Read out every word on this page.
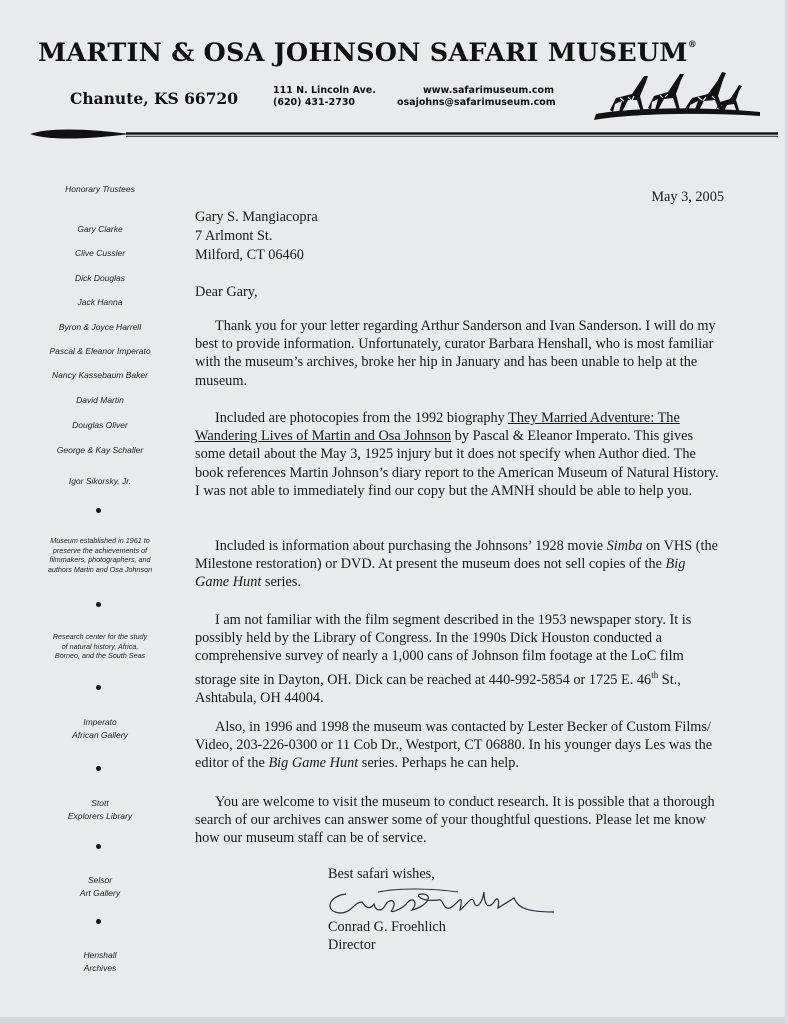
MARTIN & OSA JOHNSON SAFARI MUSEUM®
Chanute, KS 66720	111 N. Lincoln Ave.
(620) 431-2730
www.safarimuseum.com
osajohns@safarimuseum.com
Honorary Trustees
Gary Clarke
Clive Cussler
Dick Douglas
Jack Hanna
Byron & Joyce Harrell
Pascal & Eleanor Imperato
Nancy Kassebaum Baker
David Martin
Douglas Oliver
George & Kay Schaller
Igor Sikorsky, Jr.
Museum established in 1961 to
preserve the achievements of
filmmakers, photographers, and
authors Martin and Osa Johnson
Research center for the study
of natural history, Africa,
Borneo, and the South Seas
Imperato
African Gallery
Stott
Explorers Library
Selsor
Art Gallery
Henshall
Archives
May 3, 2005
Gary S. Mangiacopra
7 Arlmont St.
Milford, CT 06460
Dear Gary,
Thank you for your letter regarding Arthur Sanderson and Ivan Sanderson. I will do my best to provide information. Unfortunately, curator Barbara Henshall, who is most familiar with the museum’s archives, broke her hip in January and has been unable to help at the museum.
Included are photocopies from the 1992 biography They Married Adventure: The Wandering Lives of Martin and Osa Johnson by Pascal & Eleanor Imperato. This gives some detail about the May 3, 1925 injury but it does not specify when Author died. The book references Martin Johnson’s diary report to the American Museum of Natural History. I was not able to immediately find our copy but the AMNH should be able to help you.
Included is information about purchasing the Johnsons’ 1928 movie Simba on VHS (the Milestone restoration) or DVD. At present the museum does not sell copies of the Big Game Hunt series.
I am not familiar with the film segment described in the 1953 newspaper story. It is possibly held by the Library of Congress. In the 1990s Dick Houston conducted a comprehensive survey of nearly a 1,000 cans of Johnson film footage at the LoC film storage site in Dayton, OH. Dick can be reached at 440-992-5854 or 1725 E. 46th St., Ashtabula, OH 44004.
Also, in 1996 and 1998 the museum was contacted by Lester Becker of Custom Films/ Video, 203-226-0300 or 11 Cob Dr., Westport, CT 06880. In his younger days Les was the editor of the Big Game Hunt series. Perhaps he can help.
You are welcome to visit the museum to conduct research. It is possible that a thorough search of our archives can answer some of your thoughtful questions. Please let me know how our museum staff can be of service.
Best safari wishes,
Conrad G. Froehlich
Director
